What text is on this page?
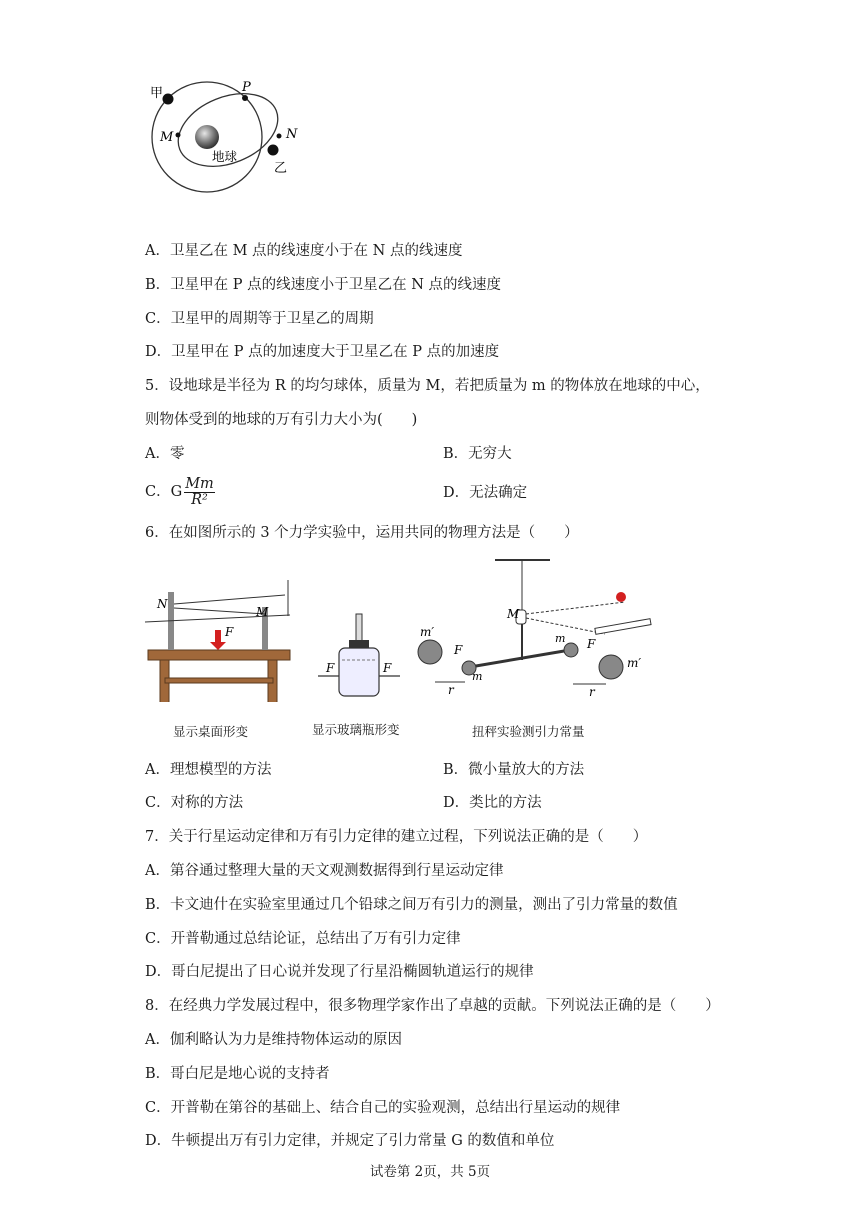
甲	P
M	N
地球
乙
A．卫星乙在 M 点的线速度小于在 N 点的线速度
B．卫星甲在 P 点的线速度小于卫星乙在 N 点的线速度
C．卫星甲的周期等于卫星乙的周期
D．卫星甲在 P 点的加速度大于卫星乙在 P 点的加速度
5．设地球是半径为 R 的均匀球体，质量为 M，若把质量为 m 的物体放在地球的中心，
则物体受到的地球的万有引力大小为(　　)
A．零	B．无穷大
C．G $\frac{Mm}{\text{R²}}$	D．无法确定
6．在如图所示的 3 个力学实验中，运用共同的物理方法是（　　）
N
M
F
F	F
M
m′
m′
m
m
F	F
r	r
显示桌面形变	显示玻璃瓶形变	扭秤实验测引力常量
A．理想模型的方法	B．微小量放大的方法
C．对称的方法	D．类比的方法
7．关于行星运动定律和万有引力定律的建立过程，下列说法正确的是（　　）
A．第谷通过整理大量的天文观测数据得到行星运动定律
B．卡文迪什在实验室里通过几个铅球之间万有引力的测量，测出了引力常量的数值
C．开普勒通过总结论证，总结出了万有引力定律
D．哥白尼提出了日心说并发现了行星沿椭圆轨道运行的规律
8．在经典力学发展过程中，很多物理学家作出了卓越的贡献。下列说法正确的是（　　）
A．伽利略认为力是维持物体运动的原因
B．哥白尼是地心说的支持者
C．开普勒在第谷的基础上、结合自己的实验观测，总结出行星运动的规律
D．牛顿提出万有引力定律，并规定了引力常量 G 的数值和单位
试卷第 2页，共 5页
